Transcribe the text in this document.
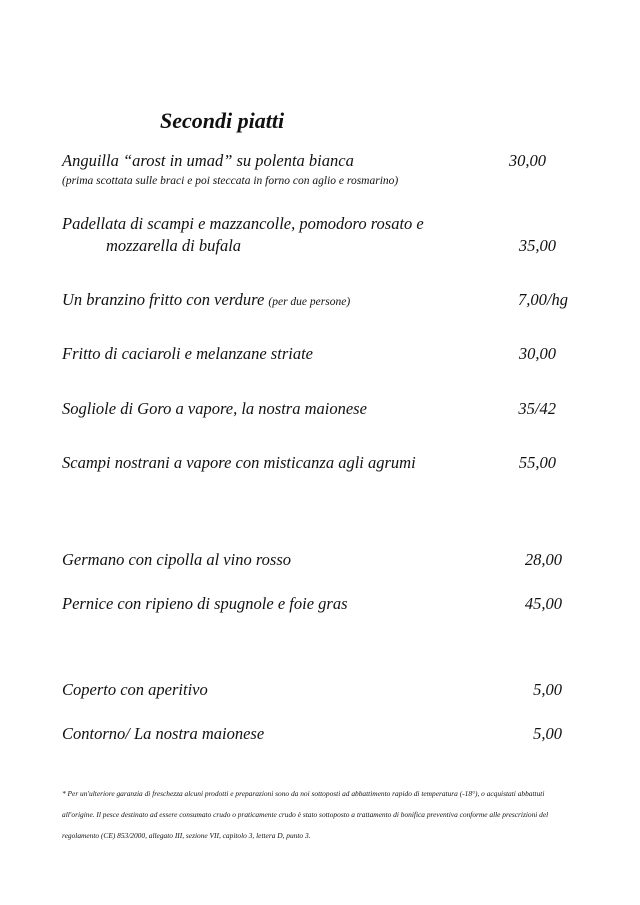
Secondi piatti
Anguilla “arost in umad” su polenta bianca	30,00
(prima scottata sulle braci e poi steccata in forno con aglio e rosmarino)
Padellata di scampi e mazzancolle, pomodoro rosato e
mozzarella di bufala	35,00
Un branzino fritto con verdure (per due persone)	7,00/hg
Fritto di caciaroli e melanzane striate	30,00
Sogliole di Goro a vapore, la nostra maionese	35/42
Scampi nostrani a vapore con misticanza agli agrumi	55,00
Germano con cipolla al vino rosso	28,00
Pernice con ripieno di spugnole e foie gras	45,00
Coperto con aperitivo	5,00
Contorno/ La nostra maionese	5,00
* Per un'ulteriore garanzia di freschezza alcuni prodotti e preparazioni sono da noi sottoposti ad abbattimento rapido di temperatura (-18°), o acquistati abbattuti all'origine. Il pesce destinato ad essere consumato crudo o praticamente crudo è stato sottoposto a trattamento di bonifica preventiva conforme alle prescrizioni del regolamento (CE) 853/2000, allegato III, sezione VII, capitolo 3, lettera D, punto 3.
